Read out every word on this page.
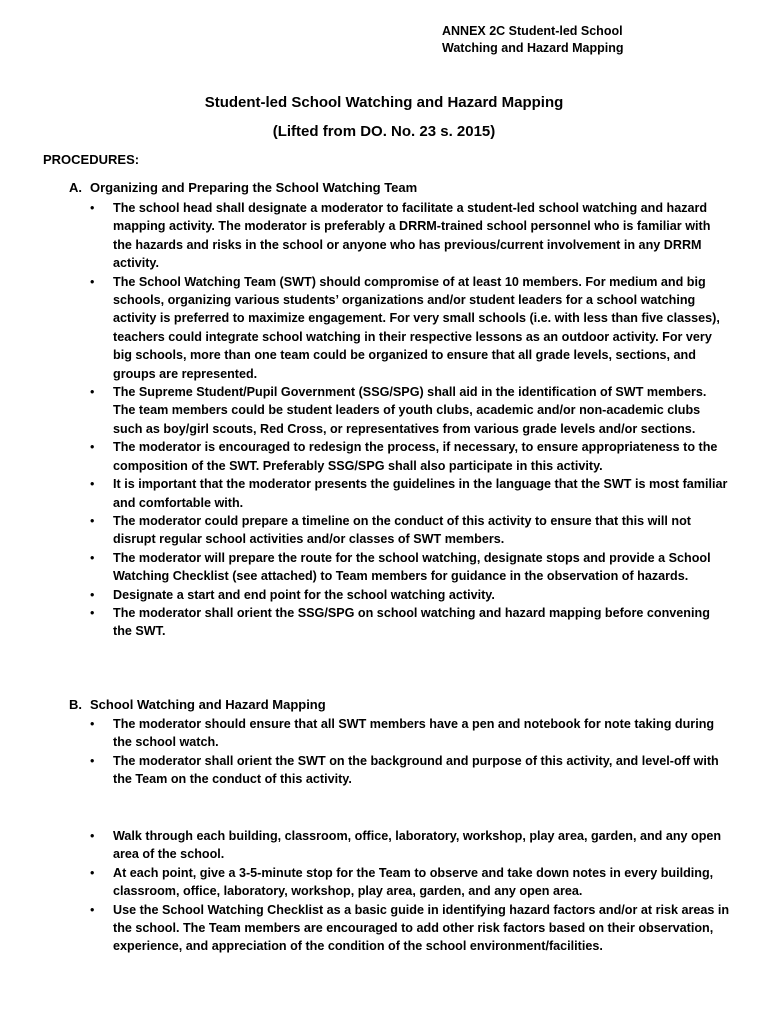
ANNEX 2C Student-led School
Watching and Hazard Mapping
Student-led School Watching and Hazard Mapping
(Lifted from DO. No. 23 s. 2015)
PROCEDURES:
A. Organizing and Preparing the School Watching Team
• The school head shall designate a moderator to facilitate a student-led school watching and hazard mapping activity. The moderator is preferably a DRRM-trained school personnel who is familiar with the hazards and risks in the school or anyone who has previous/current involvement in any DRRM activity.
• The School Watching Team (SWT) should compromise of at least 10 members. For medium and big schools, organizing various students’ organizations and/or student leaders for a school watching activity is preferred to maximize engagement. For very small schools (i.e. with less than five classes), teachers could integrate school watching in their respective lessons as an outdoor activity. For very big schools, more than one team could be organized to ensure that all grade levels, sections, and groups are represented.
• The Supreme Student/Pupil Government (SSG/SPG) shall aid in the identification of SWT members. The team members could be student leaders of youth clubs, academic and/or non-academic clubs such as boy/girl scouts, Red Cross, or representatives from various grade levels and/or sections.
• The moderator is encouraged to redesign the process, if necessary, to ensure appropriateness to the composition of the SWT. Preferably SSG/SPG shall also participate in this activity.
• It is important that the moderator presents the guidelines in the language that the SWT is most familiar and comfortable with.
• The moderator could prepare a timeline on the conduct of this activity to ensure that this will not disrupt regular school activities and/or classes of SWT members.
• The moderator will prepare the route for the school watching, designate stops and provide a School Watching Checklist (see attached) to Team members for guidance in the observation of hazards.
• Designate a start and end point for the school watching activity.
• The moderator shall orient the SSG/SPG on school watching and hazard mapping before convening the SWT.
B. School Watching and Hazard Mapping
• The moderator should ensure that all SWT members have a pen and notebook for note taking during the school watch.
• The moderator shall orient the SWT on the background and purpose of this activity, and level-off with the Team on the conduct of this activity.
• Walk through each building, classroom, office, laboratory, workshop, play area, garden, and any open area of the school.
• At each point, give a 3-5-minute stop for the Team to observe and take down notes in every building, classroom, office, laboratory, workshop, play area, garden, and any open area.
• Use the School Watching Checklist as a basic guide in identifying hazard factors and/or at risk areas in the school. The Team members are encouraged to add other risk factors based on their observation, experience, and appreciation of the condition of the school environment/facilities.
